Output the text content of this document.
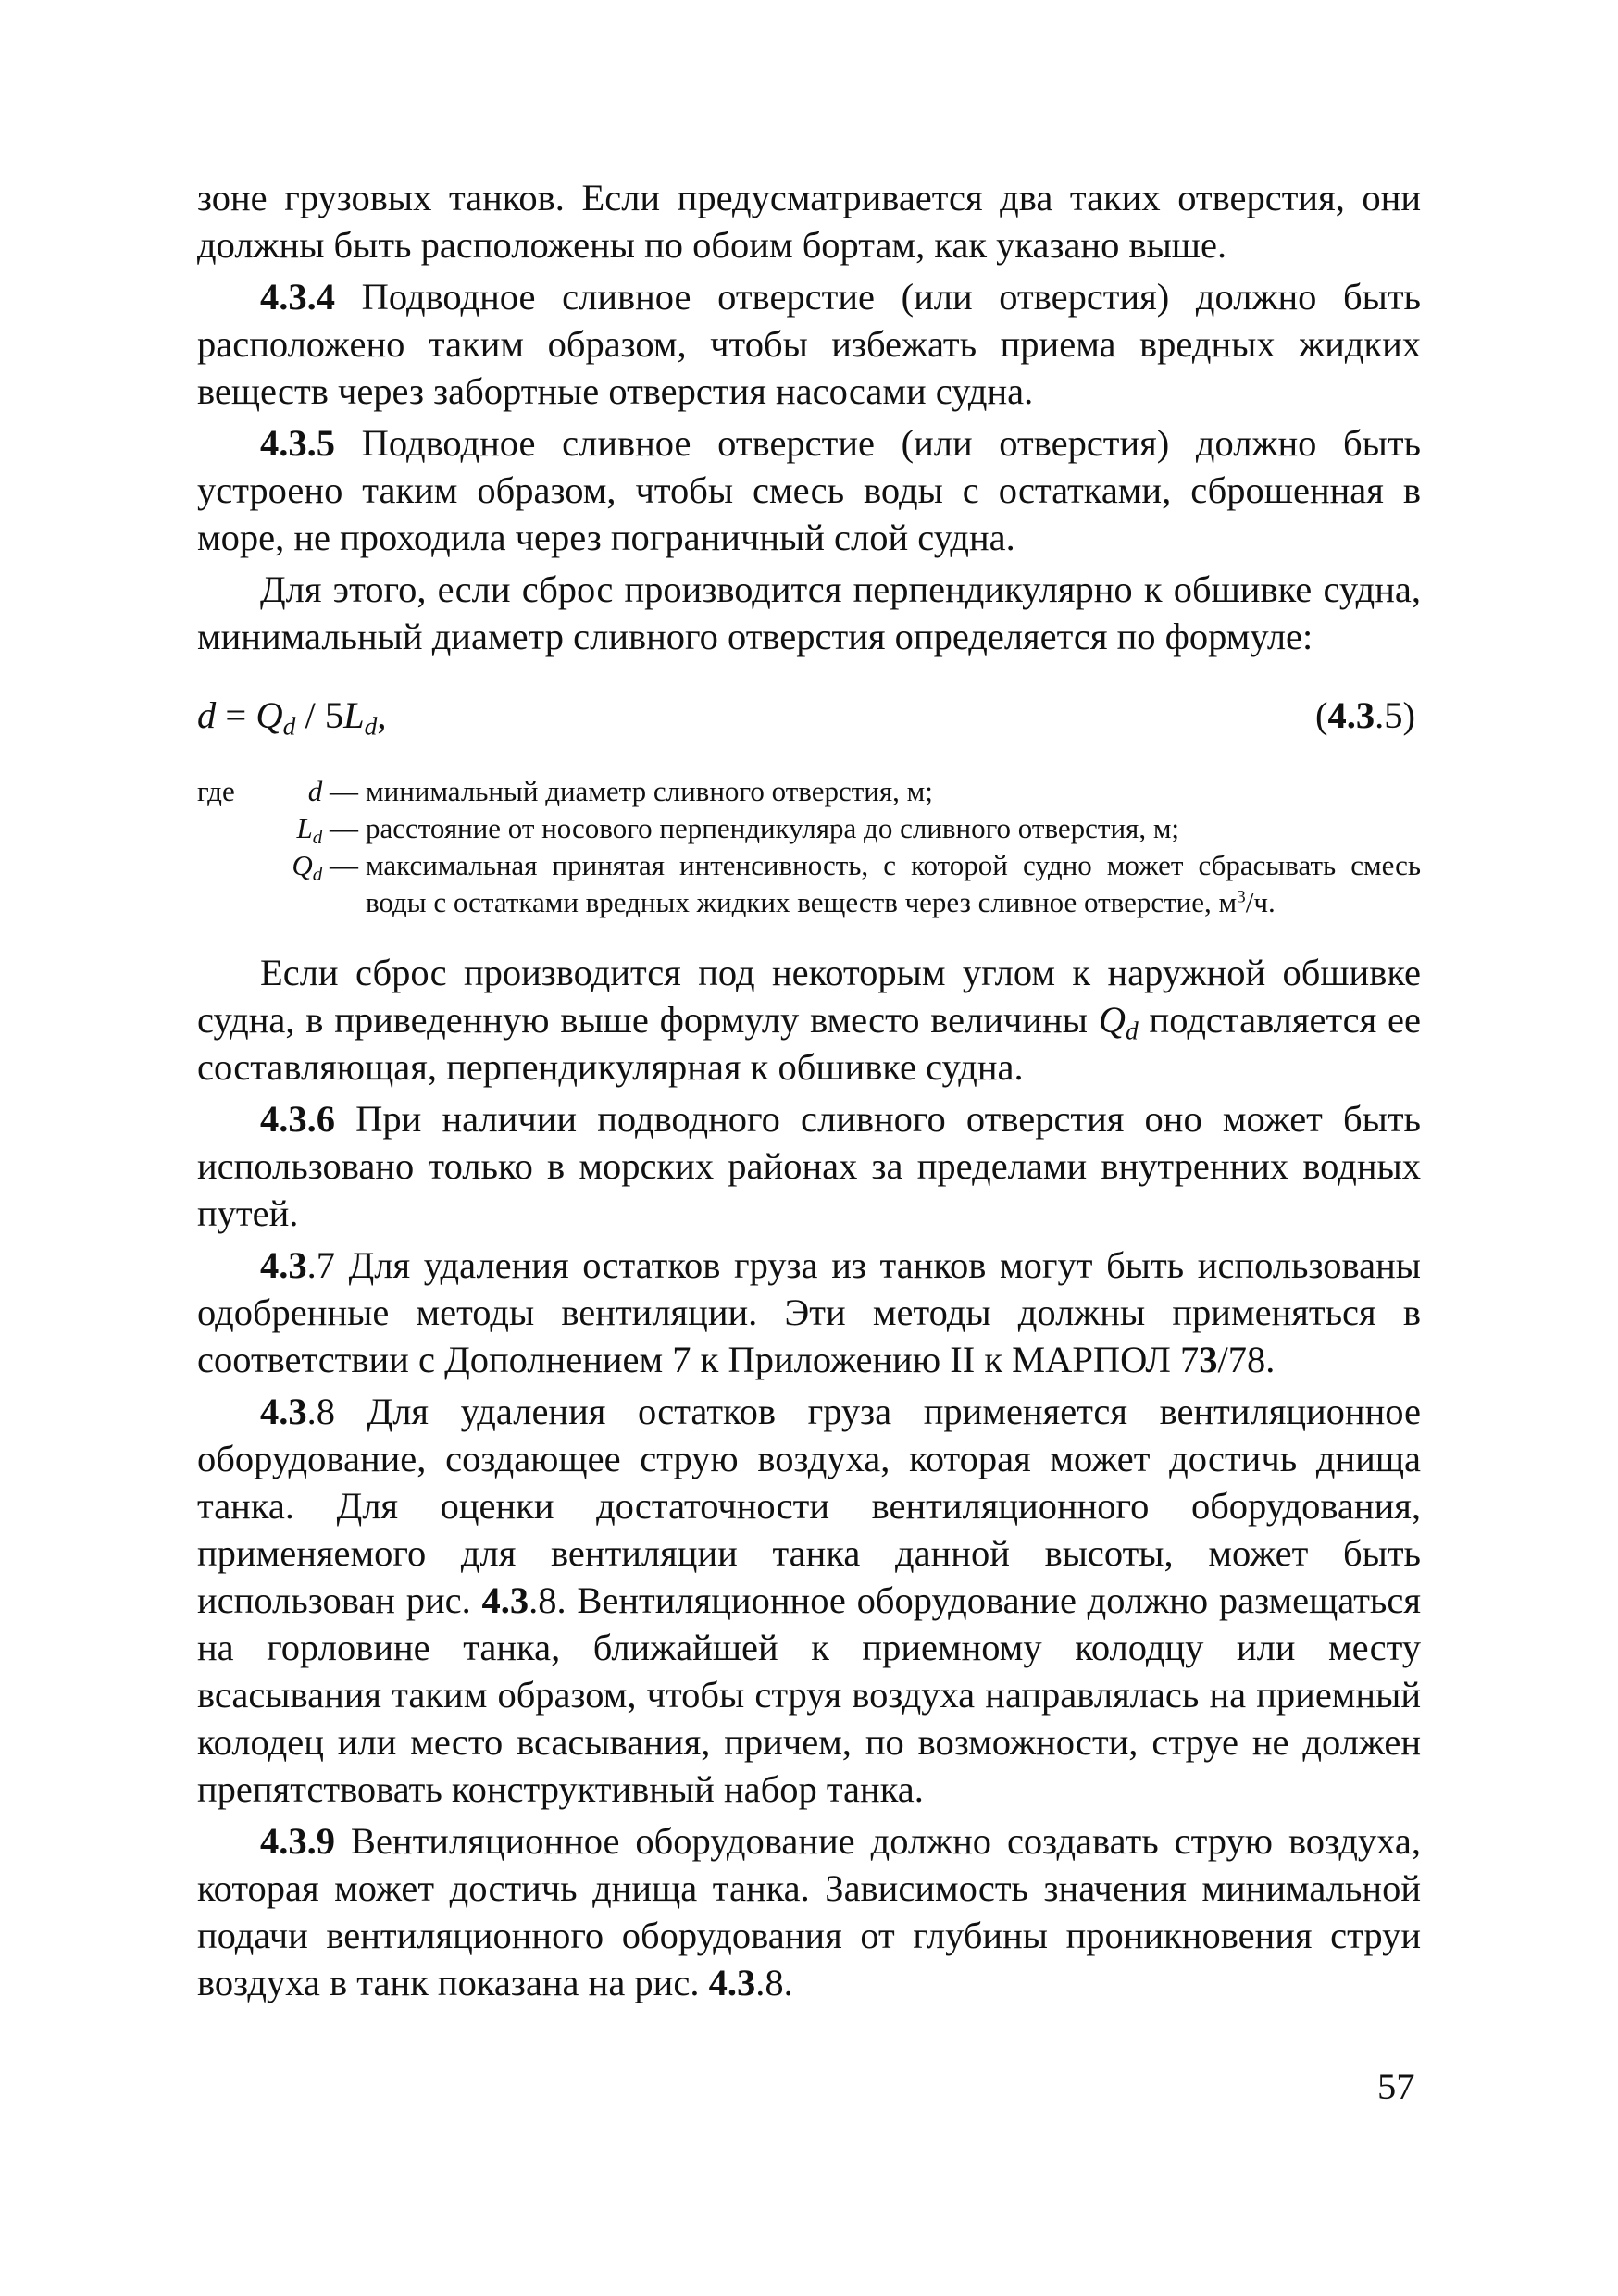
зоне грузовых танков. Если предусматривается два таких отверстия, они должны быть расположены по обоим бортам, как указано выше.

4.3.4 Подводное сливное отверстие (или отверстия) должно быть расположено таким образом, чтобы избежать приема вредных жидких веществ через забортные отверстия насосами судна.

4.3.5 Подводное сливное отверстие (или отверстия) должно быть устроено таким образом, чтобы смесь воды с остатками, сброшенная в море, не проходила через пограничный слой судна.

Для этого, если сброс производится перпендикулярно к обшивке судна, минимальный диаметр сливного отверстия определяется по формуле:

$d = Q_d / 5L_d$,	(4.3.5)
где	d — минимальный диаметр сливного отверстия, м;
$L_d$ — расстояние от носового перпендикуляра до сливного отверстия, м;
$Q_d$ — максимальная принятая интенсивность, с которой судно может сбрасывать смесь воды с остатками вредных жидких веществ через сливное отверстие, $м^3/ч$.

Если сброс производится под некоторым углом к наружной обшивке судна, в приведенную выше формулу вместо величины $Q_d$ подставляется ее составляющая, перпендикулярная к обшивке судна.

4.3.6 При наличии подводного сливного отверстия оно может быть использовано только в морских районах за пределами внутренних водных путей.

4.3.7 Для удаления остатков груза из танков могут быть использованы одобренные методы вентиляции. Эти методы должны применяться в соответствии с Дополнением 7 к Приложению II к МАРПОЛ 73/78.

4.3.8 Для удаления остатков груза применяется вентиляционное оборудование, создающее струю воздуха, которая может достичь днища танка. Для оценки достаточности вентиляционного оборудования, применяемого для вентиляции танка данной высоты, может быть использован рис. 4.3.8. Вентиляционное оборудование должно размещаться на горловине танка, ближайшей к приемному колодцу или месту всасывания таким образом, чтобы струя воздуха направлялась на приемный колодец или место всасывания, причем, по возможности, струе не должен препятствовать конструктивный набор танка.

4.3.9 Вентиляционное оборудование должно создавать струю воздуха, которая может достичь днища танка. Зависимость значения минимальной подачи вентиляционного оборудования от глубины проникновения струи воздуха в танк показана на рис. 4.3.8.

57
